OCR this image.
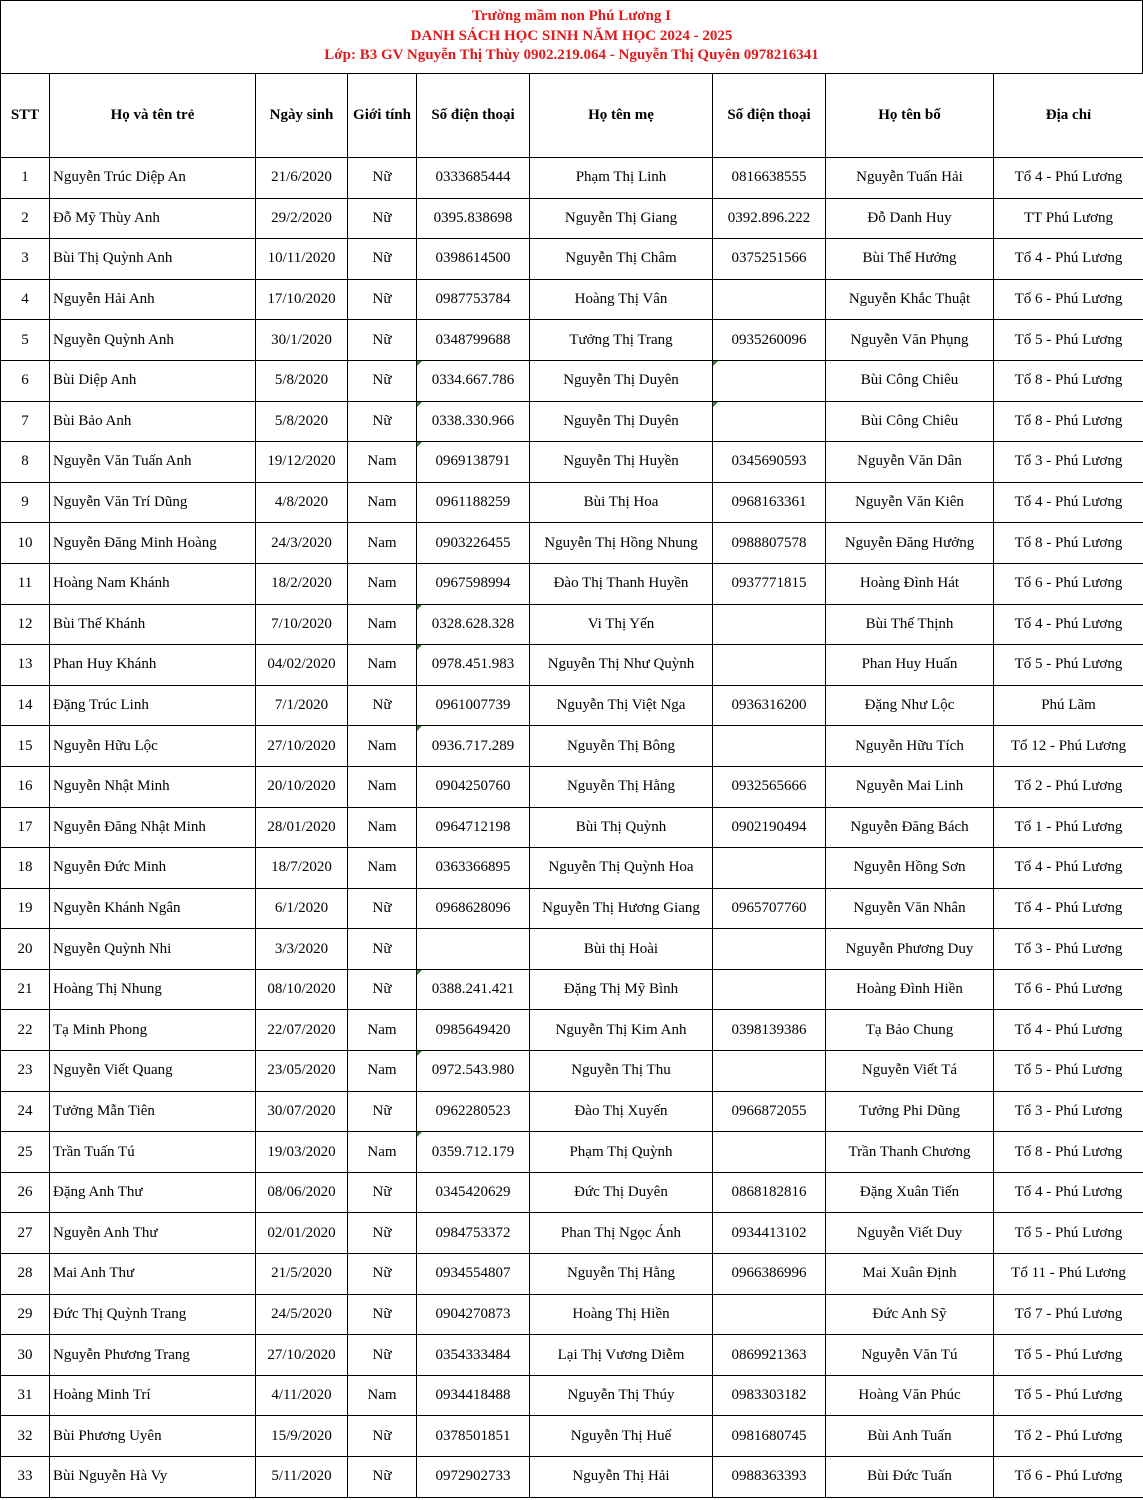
Trường mầm non Phú Lương I
DANH SÁCH HỌC SINH NĂM HỌC 2024 - 2025
Lớp: B3 GV Nguyễn Thị Thùy 0902.219.064 - Nguyễn Thị Quyên 0978216341
STT	Họ và tên trẻ	Ngày sinh	Giới tính	Số điện thoại	Họ tên mẹ	Số điện thoại	Họ tên bố	Địa chỉ
1	Nguyễn Trúc Diệp An	21/6/2020	Nữ	0333685444	Phạm Thị Linh	0816638555	Nguyễn Tuấn Hải	Tổ 4 - Phú Lương
2	Đỗ Mỹ Thùy Anh	29/2/2020	Nữ	0395.838698	Nguyễn Thị Giang	0392.896.222	Đỗ Danh Huy	TT Phú Lương
3	Bùi Thị Quỳnh Anh	10/11/2020	Nữ	0398614500	Nguyễn Thị Châm	0375251566	Bùi Thế Hưởng	Tổ 4 - Phú Lương
4	Nguyễn Hải Anh	17/10/2020	Nữ	0987753784	Hoàng Thị Vân		Nguyễn Khắc Thuật	Tổ 6 - Phú Lương
5	Nguyễn Quỳnh Anh	30/1/2020	Nữ	0348799688	Tưởng Thị Trang	0935260096	Nguyễn Văn Phụng	Tổ 5 - Phú Lương
6	Bùi Diệp Anh	5/8/2020	Nữ	0334.667.786	Nguyễn Thị Duyên		Bùi Công Chiêu	Tổ 8 - Phú Lương
7	Bùi Bảo Anh	5/8/2020	Nữ	0338.330.966	Nguyễn Thị Duyên		Bùi Công Chiêu	Tổ 8 - Phú Lương
8	Nguyễn Văn Tuấn Anh	19/12/2020	Nam	0969138791	Nguyễn Thị Huyền	0345690593	Nguyễn Văn Dân	Tổ 3 - Phú Lương
9	Nguyễn Văn Trí Dũng	4/8/2020	Nam	0961188259	Bùi Thị Hoa	0968163361	Nguyễn Văn Kiên	Tổ 4 - Phú Lương
10	Nguyễn Đăng Minh Hoàng	24/3/2020	Nam	0903226455	Nguyễn Thị Hồng Nhung	0988807578	Nguyễn Đăng Hưởng	Tổ 8 - Phú Lương
11	Hoàng Nam Khánh	18/2/2020	Nam	0967598994	Đào Thị Thanh Huyền	0937771815	Hoàng Đình Hát	Tổ 6 - Phú Lương
12	Bùi Thế Khánh	7/10/2020	Nam	0328.628.328	Vi Thị Yến		Bùi Thế Thịnh	Tổ 4 - Phú Lương
13	Phan Huy Khánh	04/02/2020	Nam	0978.451.983	Nguyễn Thị Như Quỳnh		Phan Huy Huấn	Tổ 5 - Phú Lương
14	Đặng Trúc Linh	7/1/2020	Nữ	0961007739	Nguyễn Thị Việt Nga	0936316200	Đặng Như Lộc	Phú Lãm
15	Nguyễn Hữu Lộc	27/10/2020	Nam	0936.717.289	Nguyễn Thị Bông		Nguyễn Hữu Tích	Tổ 12 - Phú Lương
16	Nguyễn Nhật Minh	20/10/2020	Nam	0904250760	Nguyễn Thị Hằng	0932565666	Nguyễn Mai Linh	Tổ 2 - Phú Lương
17	Nguyễn Đăng Nhật Minh	28/01/2020	Nam	0964712198	Bùi Thị Quỳnh	0902190494	Nguyễn Đăng Bách	Tổ 1 - Phú Lương
18	Nguyễn Đức Minh	18/7/2020	Nam	0363366895	Nguyễn Thị Quỳnh Hoa		Nguyễn Hồng Sơn	Tổ 4 - Phú Lương
19	Nguyễn Khánh Ngân	6/1/2020	Nữ	0968628096	Nguyễn Thị Hương Giang	0965707760	Nguyễn Văn Nhân	Tổ 4 - Phú Lương
20	Nguyễn Quỳnh Nhi	3/3/2020	Nữ		Bùi thị Hoài		Nguyễn Phương Duy	Tổ 3 - Phú Lương
21	Hoàng Thị Nhung	08/10/2020	Nữ	0388.241.421	Đặng Thị Mỹ Bình		Hoàng Đình Hiền	Tổ 6 - Phú Lương
22	Tạ Minh Phong	22/07/2020	Nam	0985649420	Nguyễn Thị Kim Anh	0398139386	Tạ Bảo Chung	Tổ 4 - Phú Lương
23	Nguyễn Viết Quang	23/05/2020	Nam	0972.543.980	Nguyễn Thị Thu		Nguyễn Viết Tá	Tổ 5 - Phú Lương
24	Tưởng Mẫn Tiên	30/07/2020	Nữ	0962280523	Đào Thị Xuyến	0966872055	Tưởng Phi Dũng	Tổ 3 - Phú Lương
25	Trần Tuấn Tú	19/03/2020	Nam	0359.712.179	Phạm Thị Quỳnh		Trần Thanh Chương	Tổ 8 - Phú Lương
26	Đặng Anh Thư	08/06/2020	Nữ	0345420629	Đức Thị Duyên	0868182816	Đặng Xuân Tiến	Tổ 4 - Phú Lương
27	Nguyễn Anh Thư	02/01/2020	Nữ	0984753372	Phan Thị Ngọc Ánh	0934413102	Nguyễn Viết Duy	Tổ 5 - Phú Lương
28	Mai Anh Thư	21/5/2020	Nữ	0934554807	Nguyễn Thị Hằng	0966386996	Mai Xuân Định	Tổ 11 - Phú Lương
29	Đức Thị Quỳnh Trang	24/5/2020	Nữ	0904270873	Hoàng Thị Hiền		Đức Anh Sỹ	Tổ 7 - Phú Lương
30	Nguyễn Phương Trang	27/10/2020	Nữ	0354333484	Lại Thị Vương Diễm	0869921363	Nguyễn Văn Tú	Tổ 5 - Phú Lương
31	Hoàng Minh Trí	4/11/2020	Nam	0934418488	Nguyễn Thị Thúy	0983303182	Hoàng Văn Phúc	Tổ 5 - Phú Lương
32	Bùi Phương Uyên	15/9/2020	Nữ	0378501851	Nguyễn Thị Huế	0981680745	Bùi Anh Tuấn	Tổ 2 - Phú Lương
33	Bùi Nguyễn Hà Vy	5/11/2020	Nữ	0972902733	Nguyễn Thị Hải	0988363393	Bùi Đức Tuấn	Tổ 6 - Phú Lương
